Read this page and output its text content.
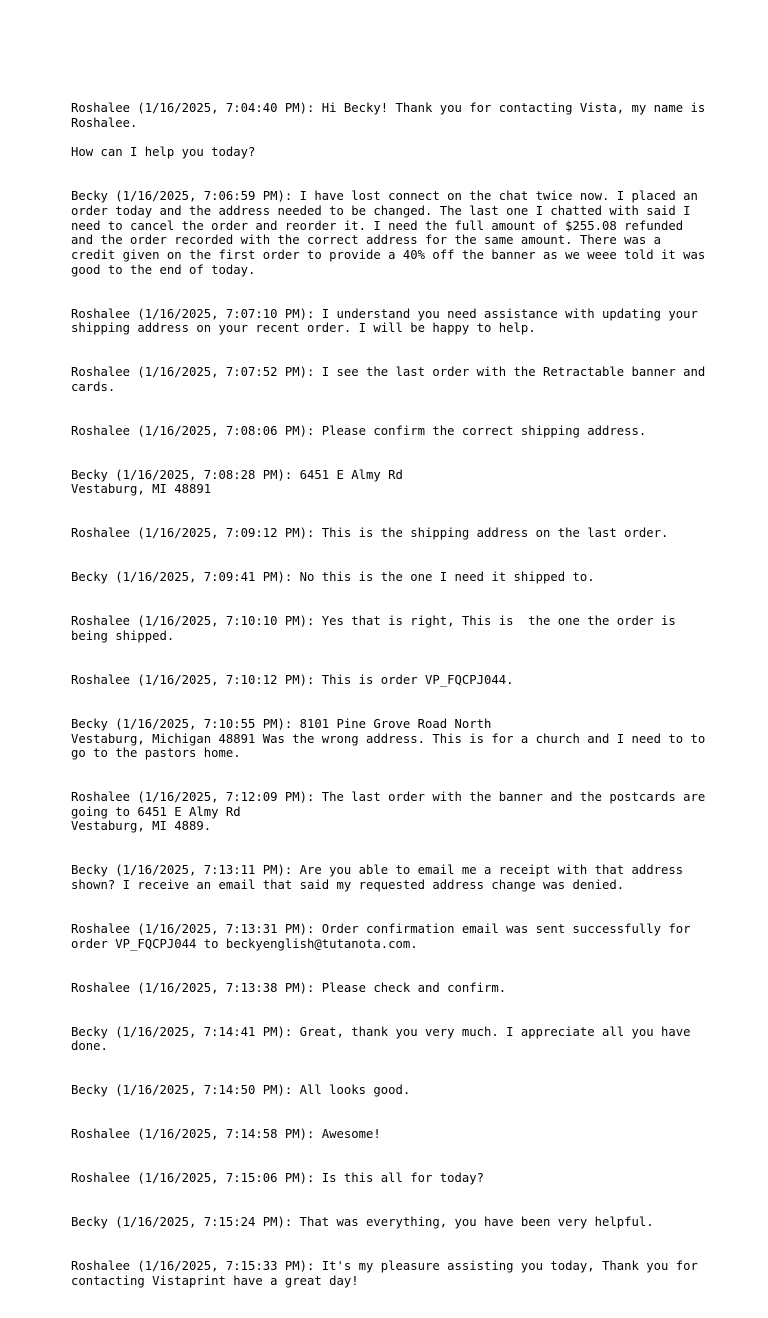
Roshalee (1/16/2025, 7:04:40 PM): Hi Becky! Thank you for contacting Vista, my name is Roshalee.

How can I help you today?

Becky (1/16/2025, 7:06:59 PM): I have lost connect on the chat twice now. I placed an order today and the address needed to be changed. The last one I chatted with said I need to cancel the order and reorder it. I need the full amount of $255.08 refunded and the order recorded with the correct address for the same amount. There was a credit given on the first order to provide a 40% off the banner as we weee told it was good to the end of today.

Roshalee (1/16/2025, 7:07:10 PM): I understand you need assistance with updating your shipping address on your recent order. I will be happy to help.

Roshalee (1/16/2025, 7:07:52 PM): I see the last order with the Retractable banner and cards.

Roshalee (1/16/2025, 7:08:06 PM): Please confirm the correct shipping address.

Becky (1/16/2025, 7:08:28 PM): 6451 E Almy Rd
Vestaburg, MI 48891

Roshalee (1/16/2025, 7:09:12 PM): This is the shipping address on the last order.

Becky (1/16/2025, 7:09:41 PM): No this is the one I need it shipped to.

Roshalee (1/16/2025, 7:10:10 PM): Yes that is right, This is  the one the order is being shipped.

Roshalee (1/16/2025, 7:10:12 PM): This is order VP_FQCPJ044.

Becky (1/16/2025, 7:10:55 PM): 8101 Pine Grove Road North
Vestaburg, Michigan 48891 Was the wrong address. This is for a church and I need to to go to the pastors home.

Roshalee (1/16/2025, 7:12:09 PM): The last order with the banner and the postcards are going to 6451 E Almy Rd
Vestaburg, MI 4889.

Becky (1/16/2025, 7:13:11 PM): Are you able to email me a receipt with that address shown? I receive an email that said my requested address change was denied.

Roshalee (1/16/2025, 7:13:31 PM): Order confirmation email was sent successfully for order VP_FQCPJ044 to beckyenglish@tutanota.com.

Roshalee (1/16/2025, 7:13:38 PM): Please check and confirm.

Becky (1/16/2025, 7:14:41 PM): Great, thank you very much. I appreciate all you have done.

Becky (1/16/2025, 7:14:50 PM): All looks good.

Roshalee (1/16/2025, 7:14:58 PM): Awesome!

Roshalee (1/16/2025, 7:15:06 PM): Is this all for today?

Becky (1/16/2025, 7:15:24 PM): That was everything, you have been very helpful.

Roshalee (1/16/2025, 7:15:33 PM): It's my pleasure assisting you today, Thank you for contacting Vistaprint have a great day!
